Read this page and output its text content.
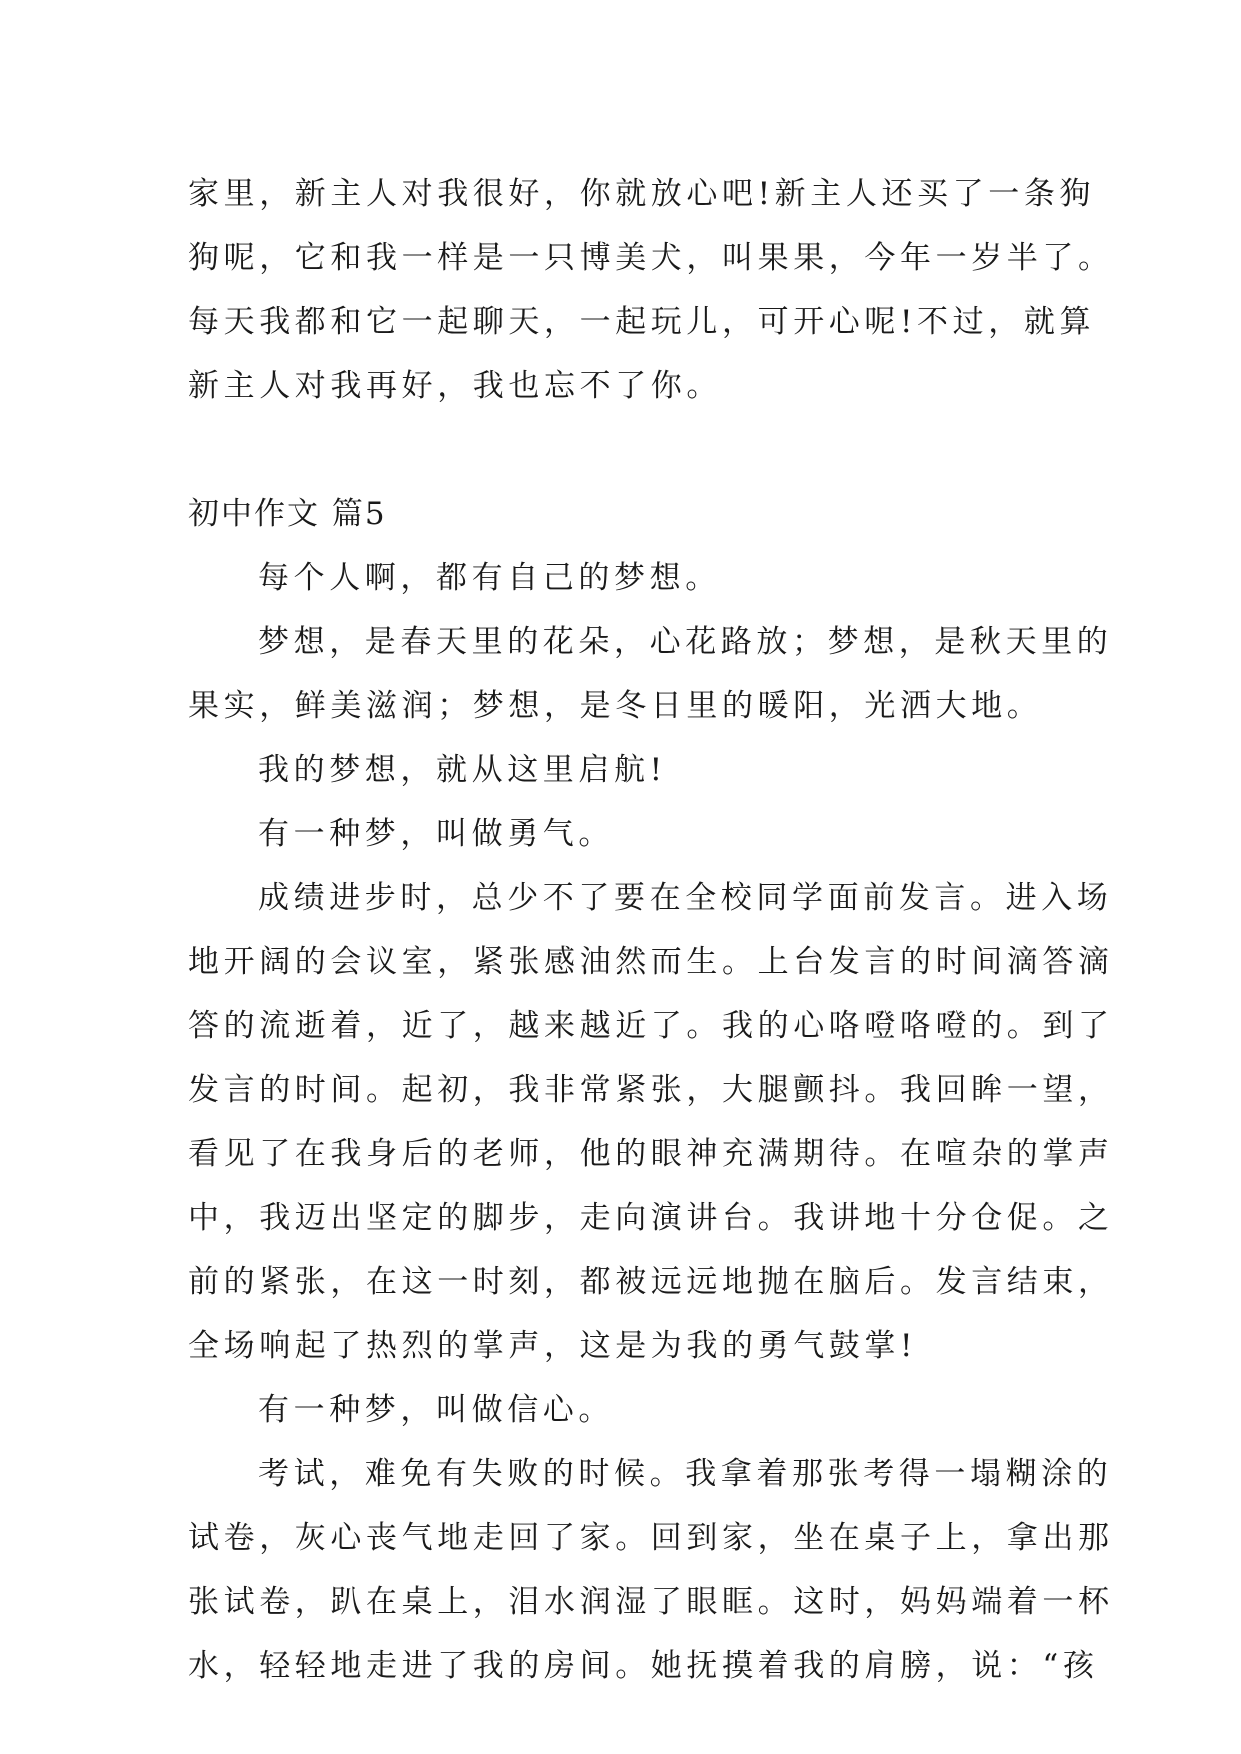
家里，新主人对我很好，你就放心吧!新主人还买了一条狗
狗呢，它和我一样是一只博美犬，叫果果，今年一岁半了。
每天我都和它一起聊天，一起玩儿，可开心呢!不过，就算
新主人对我再好，我也忘不了你。
初中作文 篇5
每个人啊，都有自己的梦想。
梦想，是春天里的花朵，心花路放；梦想，是秋天里的
果实，鲜美滋润；梦想，是冬日里的暖阳，光洒大地。
我的梦想，就从这里启航!
有一种梦，叫做勇气。
成绩进步时，总少不了要在全校同学面前发言。进入场
地开阔的会议室，紧张感油然而生。上台发言的时间滴答滴
答的流逝着，近了，越来越近了。我的心咯噔咯噔的。到了
发言的时间。起初，我非常紧张，大腿颤抖。我回眸一望，
看见了在我身后的老师，他的眼神充满期待。在喧杂的掌声
中，我迈出坚定的脚步，走向演讲台。我讲地十分仓促。之
前的紧张，在这一时刻，都被远远地抛在脑后。发言结束，
全场响起了热烈的掌声，这是为我的勇气鼓掌!
有一种梦，叫做信心。
考试，难免有失败的时候。我拿着那张考得一塌糊涂的
试卷，灰心丧气地走回了家。回到家，坐在桌子上，拿出那
张试卷，趴在桌上，泪水润湿了眼眶。这时，妈妈端着一杯
水，轻轻地走进了我的房间。她抚摸着我的肩膀，说：“孩
